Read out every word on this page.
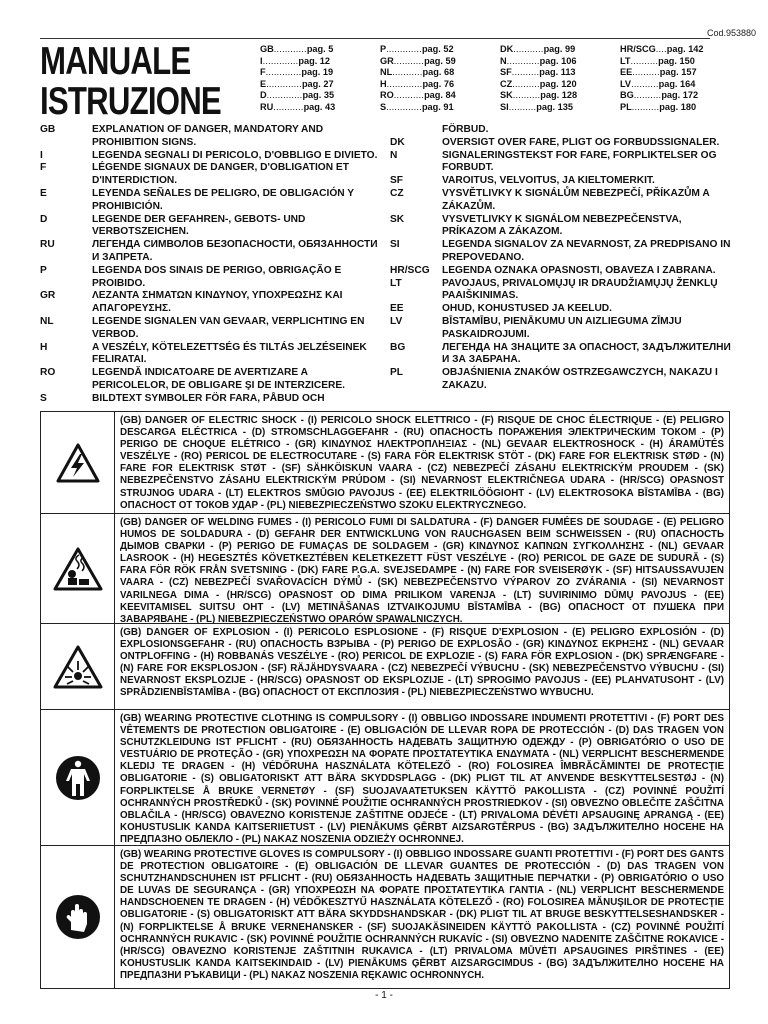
Cod.953880
MANUALE
ISTRUZIONE
GB............pag. 5
I.............pag. 12
F.............pag. 19
E.............pag. 27
D.............pag. 35
RU...........pag. 43
P.............pag. 52
GR...........pag. 59
NL...........pag. 68
H.............pag. 76
RO...........pag. 84
S.............pag. 91
DK...........pag. 99
N............pag. 106
SF..........pag. 113
CZ..........pag. 120
SK..........pag. 128
SI..........pag. 135
HR/SCG....pag. 142
LT..........pag. 150
EE..........pag. 157
LV..........pag. 164
BG..........pag. 172
PL..........pag. 180
GB	EXPLANATION OF DANGER, MANDATORY AND PROHIBITION SIGNS.
I	LEGENDA SEGNALI DI PERICOLO, D'OBBLIGO E DIVIETO.
F	LÉGENDE SIGNAUX DE DANGER, D'OBLIGATION ET D'INTERDICTION.
E	LEYENDA SEÑALES DE PELIGRO, DE OBLIGACIÓN Y PROHIBICIÓN.
D	LEGENDE DER GEFAHREN-, GEBOTS- UND VERBOTSZEICHEN.
RU	ЛЕГЕНДА СИМВОЛОВ БЕЗОПАСНОСТИ, ОБЯЗАННОСТИ И ЗАПРЕТА.
P	LEGENDA DOS SINAIS DE PERIGO, OBRIGAÇÃO E PROIBIDO.
GR	ΛΕΖΑΝΤΑ ΣΗΜΑΤΩΝ ΚΙΝΔΥΝΟΥ, ΥΠΟΧΡΕΩΣΗΣ ΚΑΙ ΑΠΑΓΟΡΕΥΣΗΣ.
NL	LEGENDE SIGNALEN VAN GEVAAR, VERPLICHTING EN VERBOD.
H	A VESZÉLY, KÖTELEZETTSÉG ÉS TILTÁS JELZÉSEINEK FELIRATAI.
RO	LEGENDĂ INDICATOARE DE AVERTIZARE A PERICOLELOR, DE OBLIGARE ŞI DE INTERZICERE.
S	BILDTEXT SYMBOLER FÖR FARA, PÅBUD OCH
FÖRBUD.
DK	OVERSIGT OVER FARE, PLIGT OG FORBUDSSIGNALER.
N	SIGNALERINGSTEKST FOR FARE, FORPLIKTELSER OG FORBUDT.
SF	VAROITUS, VELVOITUS, JA KIELTOMERKIT.
CZ	VYSVĚTLIVKY K SIGNÁLŮM NEBEZPEČÍ, PŘÍKAZŮM A ZÁKAZŮM.
SK	VYSVETLIVKY K SIGNÁLOM NEBEZPEČENSTVA, PRÍKAZOM A ZÁKAZOM.
SI	LEGENDA SIGNALOV ZA NEVARNOST, ZA PREDPISANO IN PREPOVEDANO.
HR/SCG	LEGENDA OZNAKA OPASNOSTI, OBAVEZA I ZABRANA.
LT	PAVOJAUS, PRIVALOMŲJŲ IR DRAUDŽIAMŲJŲ ŽENKLŲ PAAIŠKINIMAS.
EE	OHUD, KOHUSTUSED JA KEELUD.
LV	BĪSTAMĪBU, PIENĀKUMU UN AIZLIEGUMA ZĪMJU PASKAIDROJUMI.
BG	ЛЕГЕНДА НА ЗНАЦИТЕ ЗА ОПАСНОСТ, ЗАДЪЛЖИТЕЛНИ И ЗА ЗАБРАНА.
PL	OBJAŚNIENIA ZNAKÓW OSTRZEGAWCZYCH, NAKAZU I ZAKAZU.
(GB) DANGER OF ELECTRIC SHOCK - (I) PERICOLO SHOCK ELETTRICO - (F) RISQUE DE CHOC ÉLECTRIQUE - (E) PELIGRO DESCARGA ELÉCTRICA - (D) STROMSCHLAGGEFAHR - (RU) ОПАСНОСТЬ ПОРАЖЕНИЯ ЭЛЕКТРИЧЕСКИМ ТОКОМ - (P) PERIGO DE CHOQUE ELÉTRICO - (GR) ΚΙΝΔΥΝΟΣ ΗΛΕΚΤΡΟΠΛΗΞΙΑΣ - (NL) GEVAAR ELEKTROSHOCK - (H) ÁRAMÜTÉS VESZÉLYE - (RO) PERICOL DE ELECTROCUTARE - (S) FARA FÖR ELEKTRISK STÖT - (DK) FARE FOR ELEKTRISK STØD - (N) FARE FOR ELEKTRISK STØT - (SF) SÄHKÖISKUN VAARA - (CZ) NEBEZPEČÍ ZÁSAHU ELEKTRICKÝM PROUDEM - (SK) NEBEZPEČENSTVO ZÁSAHU ELEKTRICKÝM PRÚDOM - (SI) NEVARNOST ELEKTRIČNEGA UDARA - (HR/SCG) OPASNOST STRUJNOG UDARA - (LT) ELEKTROS SMŪGIO PAVOJUS - (EE) ELEKTRILÖÖGIOHT - (LV) ELEKTROSOKA BĪSTAMĪBA - (BG) ОПАСНОСТ ОТ ТОКОВ УДАР - (PL) NIEBEZPIECZEŃSTWO SZOKU ELEKTRYCZNEGO.
(GB) DANGER OF WELDING FUMES - (I) PERICOLO FUMI DI SALDATURA - (F) DANGER FUMÉES DE SOUDAGE - (E) PELIGRO HUMOS DE SOLDADURA - (D) GEFAHR DER ENTWICKLUNG VON RAUCHGASEN BEIM SCHWEISSEN - (RU) ОПАСНОСТЬ ДЫМОВ СВАРКИ - (P) PERIGO DE FUMAÇAS DE SOLDAGEM - (GR) ΚΙΝΔΥΝΟΣ ΚΑΠΝΩΝ ΣΥΓΚΟΛΛΗΣΗΣ - (NL) GEVAAR LASROOK - (H) HEGESZTÉS KÖVETKEZTÉBEN KELETKEZETT FÜST VESZÉLYE - (RO) PERICOL DE GAZE DE SUDURĂ - (S) FARA FÖR RÖK FRÅN SVETSNING - (DK) FARE P.G.A. SVEJSEDAMPE - (N) FARE FOR SVEISERØYK - (SF) HITSAUSSAVUJEN VAARA - (CZ) NEBEZPEČÍ SVAŘOVACÍCH DÝMŮ - (SK) NEBEZPEČENSTVO VÝPAROV ZO ZVÁRANIA - (SI) NEVARNOST VARILNEGA DIMA - (HR/SCG) OPASNOST OD DIMA PRILIKOM VARENJA - (LT) SUVIRINIMO DŪMŲ PAVOJUS - (EE) KEEVITAMISEL SUITSU OHT - (LV) METINĀŠANAS IZTVAIKOJUMU BĪSTAMĪBA - (BG) ОПАСНОСТ ОТ ПУШЕКА ПРИ ЗАВАРЯВАНЕ - (PL) NIEBEZPIECZEŃSTWO OPARÓW SPAWALNICZYCH.
(GB) DANGER OF EXPLOSION - (I) PERICOLO ESPLOSIONE - (F) RISQUE D'EXPLOSION - (E) PELIGRO EXPLOSIÓN - (D) EXPLOSIONSGEFAHR - (RU) ОПАСНОСТЬ ВЗРЫВА - (P) PERIGO DE EXPLOSÃO - (GR) ΚΙΝΔΥΝΟΣ ΕΚΡΗΞΗΣ - (NL) GEVAAR ONTPLOFFING - (H) ROBBANÁS VESZÉLYE - (RO) PERICOL DE EXPLOZIE - (S) FARA FÖR EXPLOSION - (DK) SPRÆNGFARE - (N) FARE FOR EKSPLOSJON - (SF) RÄJÄHDYSVAARA - (CZ) NEBEZPEČÍ VÝBUCHU - (SK) NEBEZPEČENSTVO VÝBUCHU - (SI) NEVARNOST EKSPLOZIJE - (HR/SCG) OPASNOST OD EKSPLOZIJE - (LT) SPROGIMO PAVOJUS - (EE) PLAHVATUSOHT - (LV) SPRĀDZIENBĪSTAMĪBA - (BG) ОПАСНОСТ ОТ ЕКСПЛОЗИЯ - (PL) NIEBEZPIECZEŃSTWO WYBUCHU.
(GB) WEARING PROTECTIVE CLOTHING IS COMPULSORY - (I) OBBLIGO INDOSSARE INDUMENTI PROTETTIVI - (F) PORT DES VÊTEMENTS DE PROTECTION OBLIGATOIRE - (E) OBLIGACIÓN DE LLEVAR ROPA DE PROTECCIÓN - (D) DAS TRAGEN VON SCHUTZKLEIDUNG IST PFLICHT - (RU) ОБЯЗАННОСТЬ НАДЕВАТЬ ЗАЩИТНУЮ ОДЕЖДУ - (P) OBRIGATÓRIO O USO DE VESTUÁRIO DE PROTEÇÃO - (GR) ΥΠΟΧΡΕΩΣΗ ΝΑ ΦΟΡΑΤΕ ΠΡΟΣΤΑΤΕΥΤΙΚΑ ΕΝΔΥΜΑΤΑ - (NL) VERPLICHT BESCHERMENDE KLEDIJ TE DRAGEN - (H) VÉDŐRUHA HASZNÁLATA KÖTELEZŐ - (RO) FOLOSIREA ÎMBRĂCĂMINTEI DE PROTECŢIE OBLIGATORIE - (S) OBLIGATORISKT ATT BÄRA SKYDDSPLAGG - (DK) PLIGT TIL AT ANVENDE BESKYTTELSESTØJ - (N) FORPLIKTELSE Å BRUKE VERNETØY - (SF) SUOJAVAATETUKSEN KÄYTTÖ PAKOLLISTA - (CZ) POVINNÉ POUŽITÍ OCHRANNÝCH PROSTŘEDKŮ - (SK) POVINNÉ POUŽITIE OCHRANNÝCH PROSTRIEDKOV - (SI) OBVEZNO OBLEČITE ZAŠČITNA OBLAČILA - (HR/SCG) OBAVEZNO KORISTENJE ZAŠTITNE ODJEĆE - (LT) PRIVALOMA DĖVĖTI APSAUGINĘ APRANGĄ - (EE) KOHUSTUSLIK KANDA KAITSERIIETUST - (LV) PIENĀKUMS ĢĒRBT AIZSARGTĒRPUS - (BG) ЗАДЪЛЖИТЕЛНО НОСЕНЕ НА ПРЕДПАЗНО ОБЛЕКЛО - (PL) NAKAZ NOSZENIA ODZIEŻY OCHRONNEJ.
(GB) WEARING PROTECTIVE GLOVES IS COMPULSORY - (I) OBBLIGO INDOSSARE GUANTI PROTETTIVI - (F) PORT DES GANTS DE PROTECTION OBLIGATOIRE - (E) OBLIGACIÓN DE LLEVAR GUANTES DE PROTECCIÓN - (D) DAS TRAGEN VON SCHUTZHANDSCHUHEN IST PFLICHT - (RU) ОБЯЗАННОСТЬ НАДЕВАТЬ ЗАЩИТНЫЕ ПЕРЧАТКИ - (P) OBRIGATÓRIO O USO DE LUVAS DE SEGURANÇA - (GR) ΥΠΟΧΡΕΩΣΗ ΝΑ ΦΟΡΑΤΕ ΠΡΟΣΤΑΤΕΥΤΙΚΑ ΓΑΝΤΙΑ - (NL) VERPLICHT BESCHERMENDE HANDSCHOENEN TE DRAGEN - (H) VÉDŐKESZTYŰ HASZNÁLATA KÖTELEZŐ - (RO) FOLOSIREA MĂNUŞILOR DE PROTECŢIE OBLIGATORIE - (S) OBLIGATORISKT ATT BÄRA SKYDDSHANDSKAR - (DK) PLIGT TIL AT BRUGE BESKYTTELSESHANDSKER - (N) FORPLIKTELSE Å BRUKE VERNEHANSKER - (SF) SUOJAKÄSINEIDEN KÄYTTÖ PAKOLLISTA - (CZ) POVINNÉ POUŽITÍ OCHRANNÝCH RUKAVIC - (SK) POVINNÉ POUŽITIE OCHRANNÝCH RUKAVÍC - (SI) OBVEZNO NADENITE ZAŠČITNE ROKAVICE - (HR/SCG) OBAVEZNO KORISTENJE ZAŠTITNIH RUKAVICA - (LT) PRIVALOMA MŪVĖTI APSAUGINES PIRŠTINES - (EE) KOHUSTUSLIK KANDA KAITSEKINDAID - (LV) PIENĀKUMS ĢĒRBT AIZSARGCIMDUS - (BG) ЗАДЪЛЖИТЕЛНО НОСЕНЕ НА ПРЕДПАЗНИ РЪКАВИЦИ - (PL) NAKAZ NOSZENIA RĘKAWIC OCHRONNYCH.
- 1 -
